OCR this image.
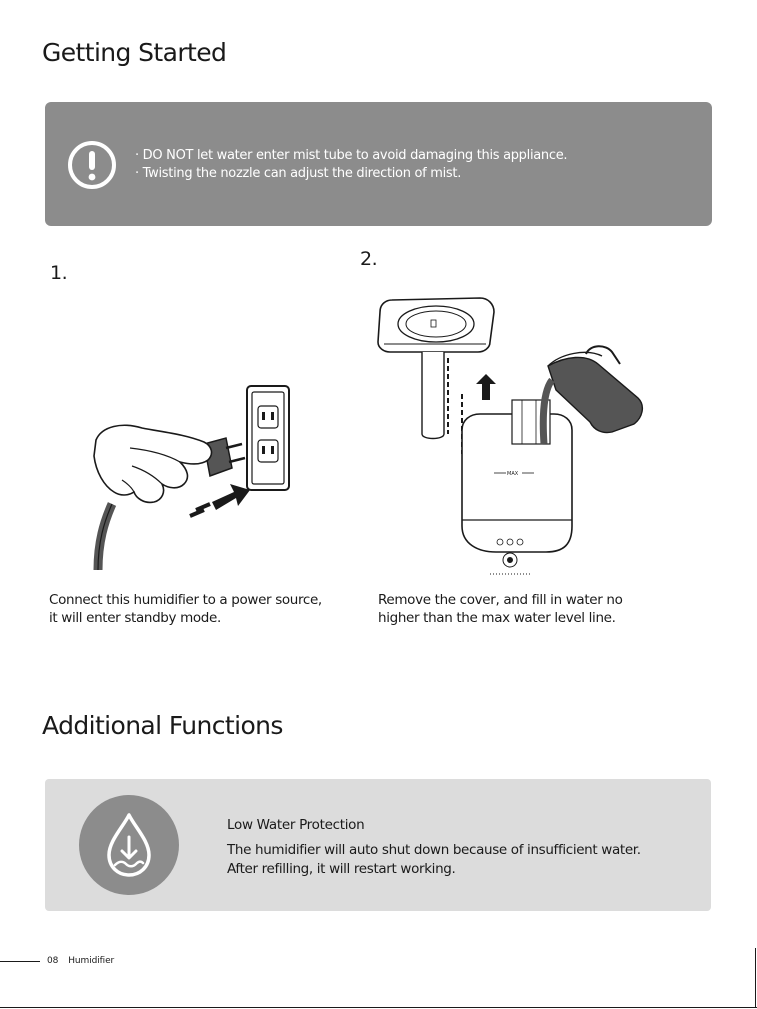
Getting Started
· DO NOT let water enter mist tube to avoid damaging this appliance.
· Twisting the nozzle can adjust the direction of mist.
1.
Connect this humidifier to a power source,
it will enter standby mode.
2.
MAX
Remove the cover, and fill in water no
higher than the max water level line.
Additional Functions
Low Water Protection
The humidifier will auto shut down because of insufficient water.
After refilling, it will restart working.
08 Humidifier
